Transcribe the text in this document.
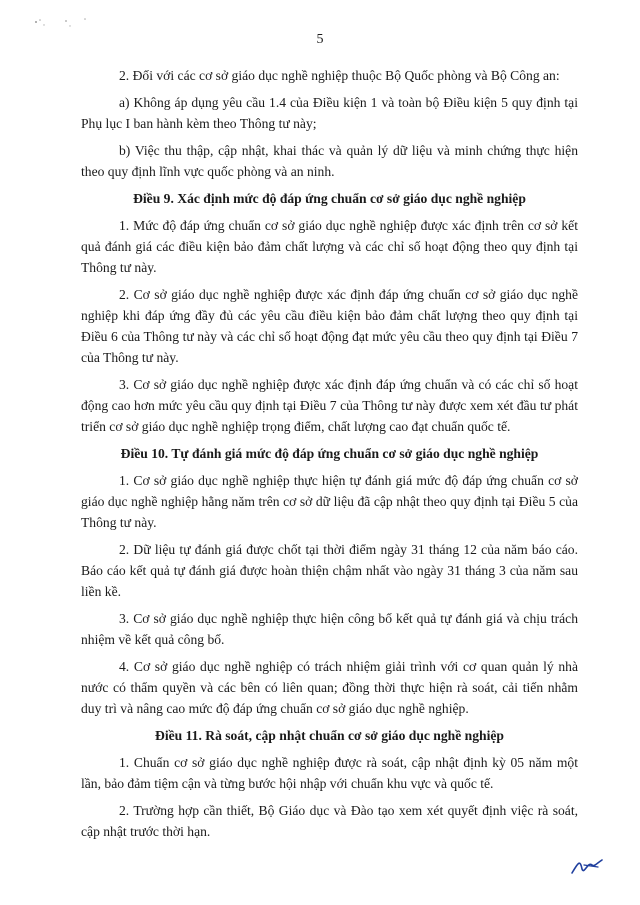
5

2. Đối với các cơ sở giáo dục nghề nghiệp thuộc Bộ Quốc phòng và Bộ Công an:

a) Không áp dụng yêu cầu 1.4 của Điều kiện 1 và toàn bộ Điều kiện 5 quy định tại Phụ lục I ban hành kèm theo Thông tư này;

b) Việc thu thập, cập nhật, khai thác và quản lý dữ liệu và minh chứng thực hiện theo quy định lĩnh vực quốc phòng và an ninh.

Điều 9. Xác định mức độ đáp ứng chuẩn cơ sở giáo dục nghề nghiệp

1. Mức độ đáp ứng chuẩn cơ sở giáo dục nghề nghiệp được xác định trên cơ sở kết quả đánh giá các điều kiện bảo đảm chất lượng và các chỉ số hoạt động theo quy định tại Thông tư này.

2. Cơ sở giáo dục nghề nghiệp được xác định đáp ứng chuẩn cơ sở giáo dục nghề nghiệp khi đáp ứng đầy đủ các yêu cầu điều kiện bảo đảm chất lượng theo quy định tại Điều 6 của Thông tư này và các chỉ số hoạt động đạt mức yêu cầu theo quy định tại Điều 7 của Thông tư này.

3. Cơ sở giáo dục nghề nghiệp được xác định đáp ứng chuẩn và có các chỉ số hoạt động cao hơn mức yêu cầu quy định tại Điều 7 của Thông tư này được xem xét đầu tư phát triển cơ sở giáo dục nghề nghiệp trọng điểm, chất lượng cao đạt chuẩn quốc tế.

Điều 10. Tự đánh giá mức độ đáp ứng chuẩn cơ sở giáo dục nghề nghiệp

1. Cơ sở giáo dục nghề nghiệp thực hiện tự đánh giá mức độ đáp ứng chuẩn cơ sở giáo dục nghề nghiệp hằng năm trên cơ sở dữ liệu đã cập nhật theo quy định tại Điều 5 của Thông tư này.

2. Dữ liệu tự đánh giá được chốt tại thời điểm ngày 31 tháng 12 của năm báo cáo. Báo cáo kết quả tự đánh giá được hoàn thiện chậm nhất vào ngày 31 tháng 3 của năm sau liền kề.

3. Cơ sở giáo dục nghề nghiệp thực hiện công bố kết quả tự đánh giá và chịu trách nhiệm về kết quả công bố.

4. Cơ sở giáo dục nghề nghiệp có trách nhiệm giải trình với cơ quan quản lý nhà nước có thẩm quyền và các bên có liên quan; đồng thời thực hiện rà soát, cải tiến nhằm duy trì và nâng cao mức độ đáp ứng chuẩn cơ sở giáo dục nghề nghiệp.

Điều 11. Rà soát, cập nhật chuẩn cơ sở giáo dục nghề nghiệp

1. Chuẩn cơ sở giáo dục nghề nghiệp được rà soát, cập nhật định kỳ 05 năm một lần, bảo đảm tiệm cận và từng bước hội nhập với chuẩn khu vực và quốc tế.

2. Trường hợp cần thiết, Bộ Giáo dục và Đào tạo xem xét quyết định việc rà soát, cập nhật trước thời hạn.
